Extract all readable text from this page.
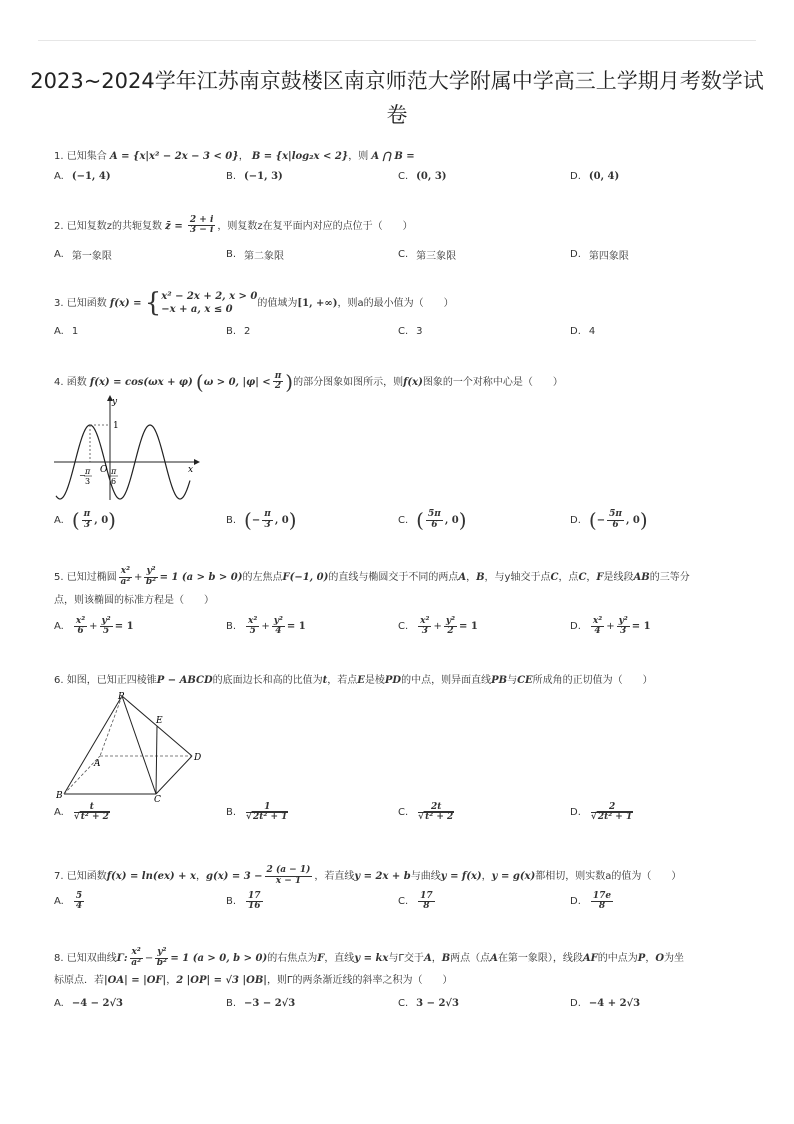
2023~2024学年江苏南京鼓楼区南京师范大学附属中学高三上学期月考数学试
卷
1. 已知集合 A = {x|x² − 2x − 3 < 0}， B = {x|log₂x < 2}，则 A ⋂ B =
A. (−1, 4)	B. (−1, 3)	C. (0, 3)	D. (0, 4)
2. 已知复数z的共轭复数 z̄ = $\frac{2 + i}{3 - i}$ ，则复数z在复平面内对应的点位于（　　）
A. 第一象限	B. 第二象限	C. 第三象限	D. 第四象限
3. 已知函数 f(x) = { x² − 2x + 2, x > 0
−x + a, x ≤ 0
的值域为[1, +∞)，则a的最小值为（　　）
A. 1	B. 2	C. 3	D. 4
4. 函数 f(x) = cos(ωx + φ) (ω > 0, $|\varphi| < \frac{\pi}{2}$ )的部分图象如图所示，则f(x)图象的一个对称中心是（　　）
y
x
1
O
− π
3
π
6
A. ( $\frac{\pi}{3}$ , 0 )	B. ( − $\frac{\pi}{3}$ , 0 )	C. ( $\frac{5\pi}{6}$ , 0 )	D. ( − $\frac{5\pi}{6}$ , 0 )
5. 已知过椭圆 $\frac{\text{x²}}{\text{a²}} + \frac{\text{y²}}{\text{b²}} = 1$ (a > b > 0)的左焦点F(−1, 0)的直线与椭圆交于不同的两点A，B，与y轴交于点C，点C，F是线段AB的三等分
点，则该椭圆的标准方程是（　　）
A. $\frac{\text{x²}}{6} + \frac{\text{y²}}{5} = 1$	B. $\frac{\text{x²}}{5} + \frac{\text{y²}}{4} = 1$	C. $\frac{\text{x²}}{3} + \frac{\text{y²}}{2} = 1$	D. $\frac{\text{x²}}{4} + \frac{\text{y²}}{3} = 1$
6. 如图，已知正四棱锥P − ABCD的底面边长和高的比值为t，若点E是棱PD的中点，则异面直线PB与CE所成角的正切值为（　　）
P
A
B	C
D
E
A. $\frac{t}{\text{√t² + 2}}$	B. $\frac{1}{\text{√2t² + 1}}$	C. $\frac{2t}{\text{√t² + 2}}$	D. $\frac{2}{\text{√2t² + 1}}$
7. 已知函数f(x) = ln(ex) + x，$g(x) = 3 - \frac{2 (a - 1)}{x - 1}$ ，若直线y = 2x + b与曲线y = f(x)，y = g(x)都相切，则实数a的值为（　　）
A. $\frac{5}{4}$	B. $\frac{17}{16}$	C. $\frac{17}{8}$	D. $\frac{17e}{8}$
8. 已知双曲线Γ: $\frac{\text{x²}}{\text{a²}} - \frac{\text{y²}}{\text{b²}} = 1$ (a > 0, b > 0)的右焦点为F，直线y = kx与Γ交于A，B两点（点A在第一象限），线段AF的中点为P，O为坐
标原点．若|OA| = |OF|，2 |OP| = √3 |OB|，则Γ的两条渐近线的斜率之积为（　　）
A. −4 − 2√3	B. −3 − 2√3	C. 3 − 2√3	D. −4 + 2√3
